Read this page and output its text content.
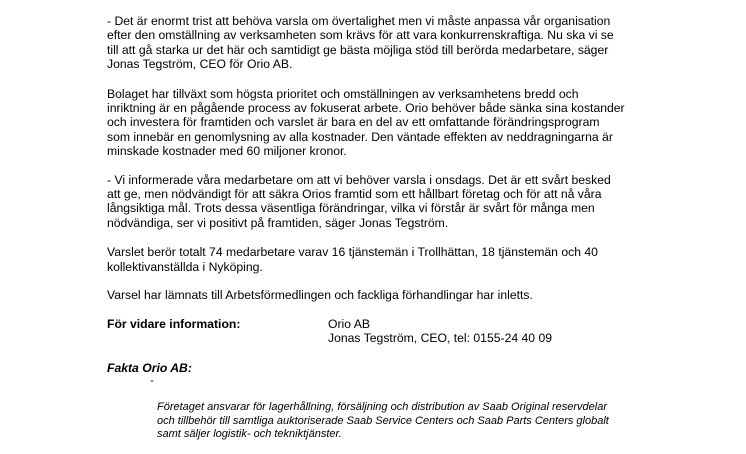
- Det är enormt trist att behöva varsla om övertalighet men vi måste anpassa vår organisation
efter den omställning av verksamheten som krävs för att vara konkurrenskraftiga. Nu ska vi se
till att gå starka ur det här och samtidigt ge bästa möjliga stöd till berörda medarbetare, säger
Jonas Tegström, CEO för Orio AB.

Bolaget har tillväxt som högsta prioritet och omställningen av verksamhetens bredd och
inriktning är en pågående process av fokuserat arbete. Orio behöver både sänka sina kostander
och investera för framtiden och varslet är bara en del av ett omfattande förändringsprogram
som innebär en genomlysning av alla kostnader. Den väntade effekten av neddragningarna är
minskade kostnader med 60 miljoner kronor.

- Vi informerade våra medarbetare om att vi behöver varsla i onsdags. Det är ett svårt besked
att ge, men nödvändigt för att säkra Orios framtid som ett hållbart företag och för att nå våra
långsiktiga mål. Trots dessa väsentliga förändringar, vilka vi förstår är svårt för många men
nödvändiga, ser vi positivt på framtiden, säger Jonas Tegström.

Varslet berör totalt 74 medarbetare varav 16 tjänstemän i Trollhättan, 18 tjänstemän och 40
kollektivanställda i Nyköping.

Varsel har lämnats till Arbetsförmedlingen och fackliga förhandlingar har inletts.

För vidare information:	Orio AB
Jonas Tegström, CEO, tel: 0155-24 40 09

Fakta Orio AB:

-

Företaget ansvarar för lagerhållning, försäljning och distribution av Saab Original reservdelar
och tillbehör till samtliga auktoriserade Saab Service Centers och Saab Parts Centers globalt
samt säljer logistik- och tekniktjänster.
